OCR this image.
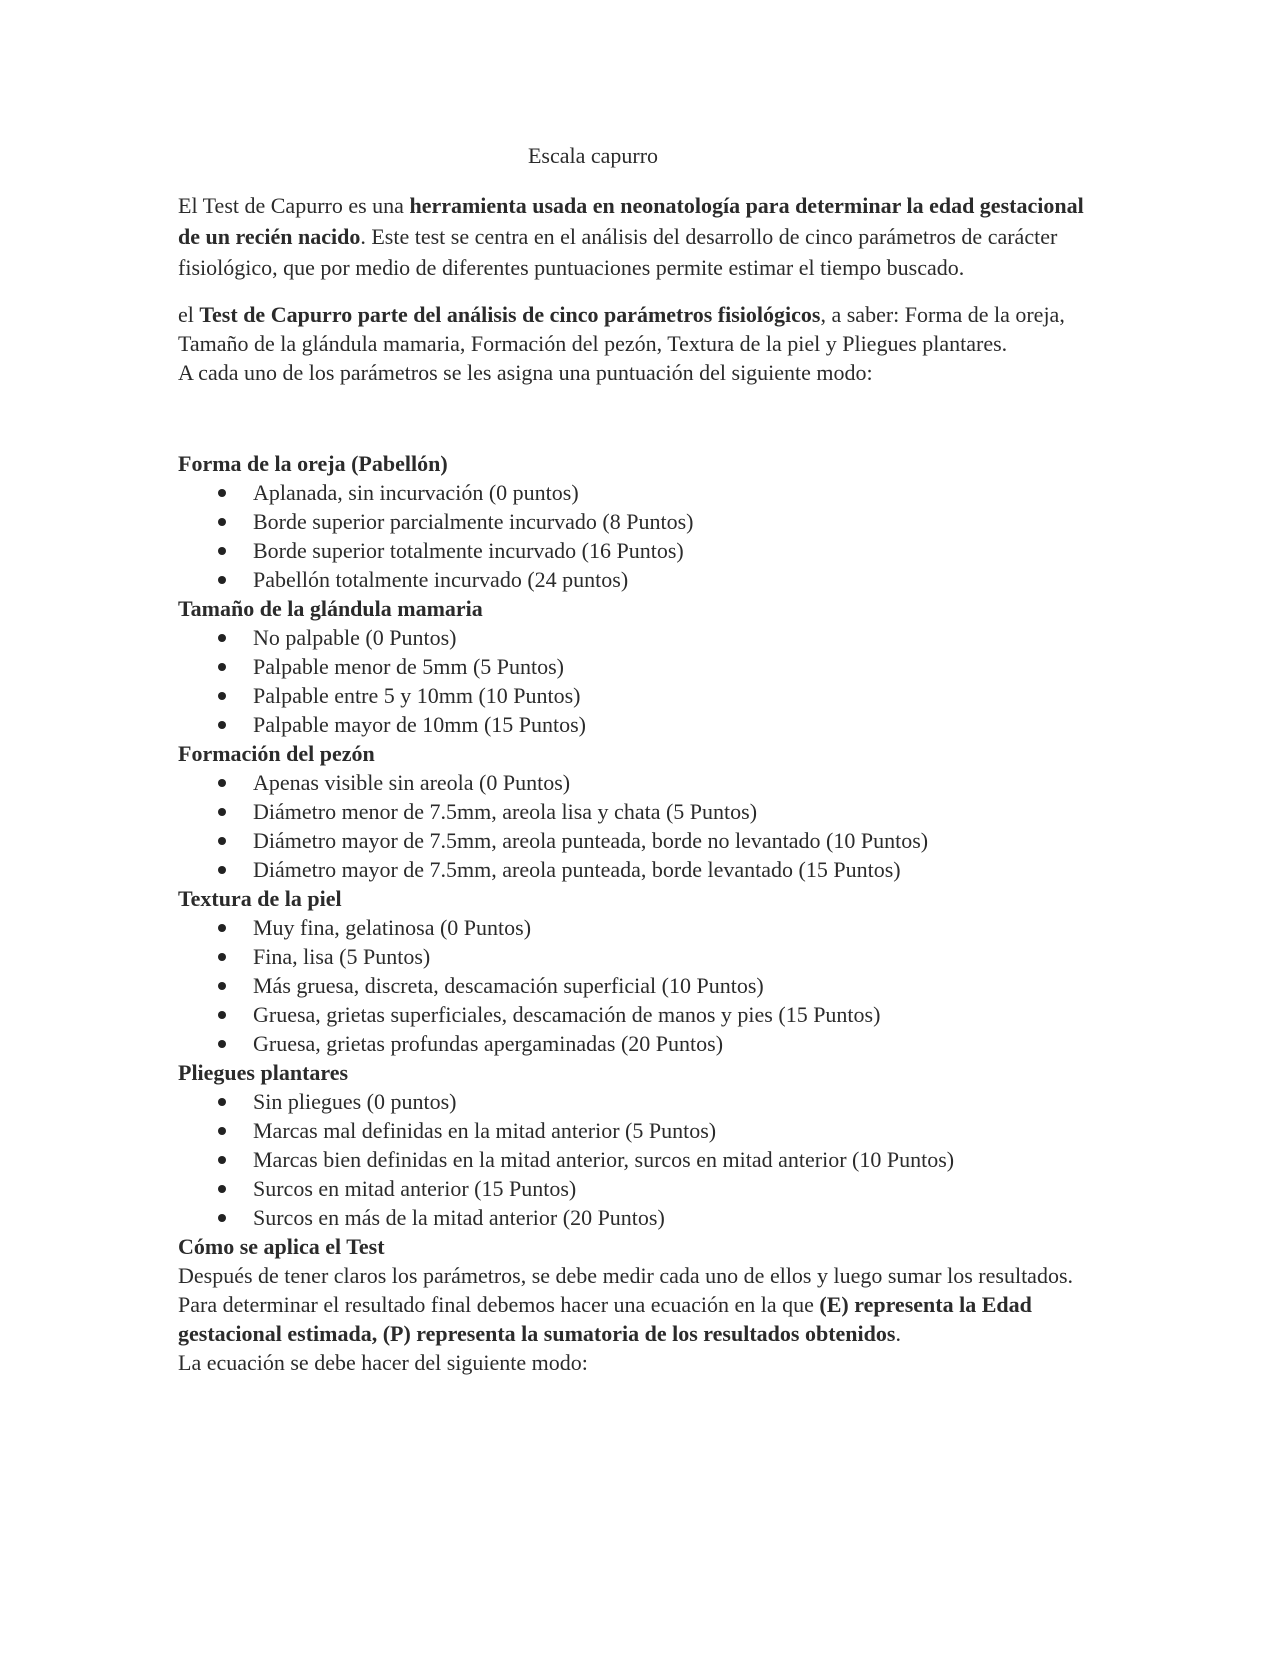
Escala capurro

El Test de Capurro es una herramienta usada en neonatología para determinar la edad gestacional de un recién nacido. Este test se centra en el análisis del desarrollo de cinco parámetros de carácter fisiológico, que por medio de diferentes puntuaciones permite estimar el tiempo buscado.

el Test de Capurro parte del análisis de cinco parámetros fisiológicos, a saber: Forma de la oreja, Tamaño de la glándula mamaria, Formación del pezón, Textura de la piel y Pliegues plantares.

A cada uno de los parámetros se les asigna una puntuación del siguiente modo:

Forma de la oreja (Pabellón)
Aplanada, sin incurvación (0 puntos)
Borde superior parcialmente incurvado (8 Puntos)
Borde superior totalmente incurvado (16 Puntos)
Pabellón totalmente incurvado (24 puntos)
Tamaño de la glándula mamaria
No palpable (0 Puntos)
Palpable menor de 5mm (5 Puntos)
Palpable entre 5 y 10mm (10 Puntos)
Palpable mayor de 10mm (15 Puntos)
Formación del pezón
Apenas visible sin areola (0 Puntos)
Diámetro menor de 7.5mm, areola lisa y chata (5 Puntos)
Diámetro mayor de 7.5mm, areola punteada, borde no levantado (10 Puntos)
Diámetro mayor de 7.5mm, areola punteada, borde levantado (15 Puntos)
Textura de la piel
Muy fina, gelatinosa (0 Puntos)
Fina, lisa (5 Puntos)
Más gruesa, discreta, descamación superficial (10 Puntos)
Gruesa, grietas superficiales, descamación de manos y pies (15 Puntos)
Gruesa, grietas profundas apergaminadas (20 Puntos)
Pliegues plantares
Sin pliegues (0 puntos)
Marcas mal definidas en la mitad anterior (5 Puntos)
Marcas bien definidas en la mitad anterior, surcos en mitad anterior (10 Puntos)
Surcos en mitad anterior (15 Puntos)
Surcos en más de la mitad anterior (20 Puntos)
Cómo se aplica el Test

Después de tener claros los parámetros, se debe medir cada uno de ellos y luego sumar los resultados. Para determinar el resultado final debemos hacer una ecuación en la que (E) representa la Edad gestacional estimada, (P) representa la sumatoria de los resultados obtenidos.

La ecuación se debe hacer del siguiente modo:
